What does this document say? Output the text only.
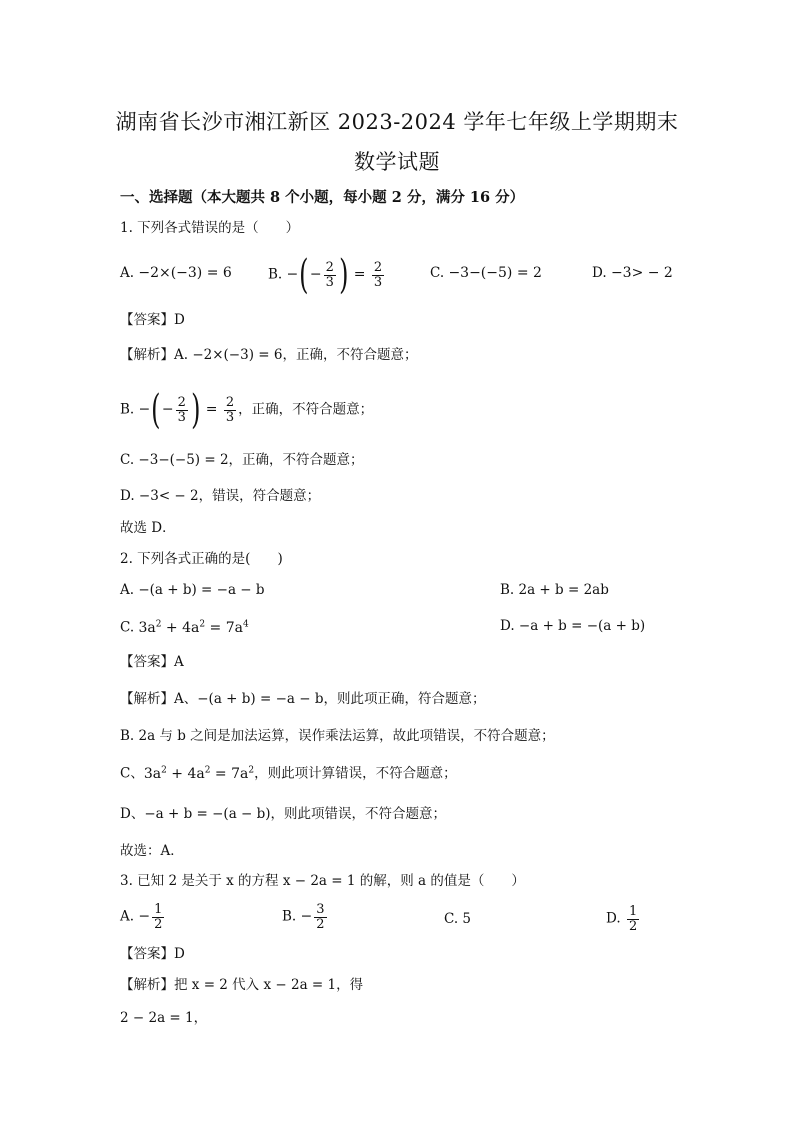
湖南省长沙市湘江新区 2023-2024 学年七年级上学期期末
数学试题
一、选择题（本大题共 8 个小题，每小题 2 分，满分 16 分）
1. 下列各式错误的是（　　）
A. −2×(−3) = 6	B. −(− $\frac{2}{3}$ ) = $\frac{2}{3}$	C. −3−(−5) = 2	D. −3> − 2
【答案】D
【解析】A. −2×(−3) = 6，正确，不符合题意；
B. −(− $\frac{2}{3}$ ) = $\frac{2}{3}$ ，正确，不符合题意；
C. −3−(−5) = 2，正确，不符合题意；
D. −3< − 2，错误，符合题意；
故选 D．
2. 下列各式正确的是(　　)
A. −(a + b) = −a − b	B. 2a + b = 2ab
C. $3a^2 + 4a^2 = 7a^4$	D. −a + b = −(a + b)
【答案】A
【解析】A、−(a + b) = −a − b，则此项正确，符合题意；
B. 2a 与 b 之间是加法运算，误作乘法运算，故此项错误，不符合题意；
C、$3a^2 + 4a^2 = 7a^2$，则此项计算错误，不符合题意；
D、−a + b = −(a − b)，则此项错误，不符合题意；
故选：A．
3. 已知 2 是关于 x 的方程 x − 2a = 1 的解，则 a 的值是（　　）
A. − $\frac{1}{2}$	B. − $\frac{3}{2}$	C. 5	D. $\frac{1}{2}$
【答案】D
【解析】把 x = 2 代入 x − 2a = 1，得
2 − 2a = 1，
